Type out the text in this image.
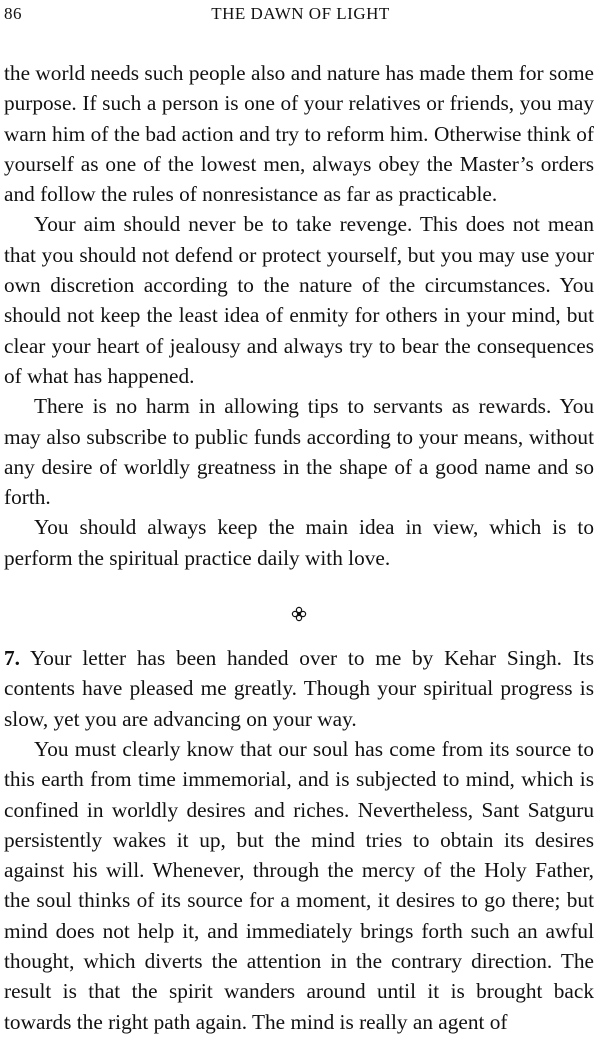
86	THE DAWN OF LIGHT

the world needs such people also and nature has made them for some purpose. If such a person is one of your relatives or friends, you may warn him of the bad action and try to reform him. Otherwise think of yourself as one of the lowest men, always obey the Master’s orders and follow the rules of nonresistance as far as practicable.

Your aim should never be to take revenge. This does not mean that you should not defend or protect yourself, but you may use your own discretion according to the nature of the circumstances. You should not keep the least idea of enmity for others in your mind, but clear your heart of jealousy and always try to bear the consequences of what has happened.

There is no harm in allowing tips to servants as rewards. You may also subscribe to public funds according to your means, without any desire of worldly greatness in the shape of a good name and so forth.

You should always keep the main idea in view, which is to perform the spiritual practice daily with love.

7. Your letter has been handed over to me by Kehar Singh. Its contents have pleased me greatly. Though your spiritual progress is slow, yet you are advancing on your way.

You must clearly know that our soul has come from its source to this earth from time immemorial, and is subjected to mind, which is confined in worldly desires and riches. Nevertheless, Sant Satguru persistently wakes it up, but the mind tries to obtain its desires against his will. Whenever, through the mercy of the Holy Father, the soul thinks of its source for a moment, it desires to go there; but mind does not help it, and immediately brings forth such an awful thought, which diverts the attention in the contrary direction. The result is that the spirit wanders around until it is brought back towards the right path again. The mind is really an agent of
